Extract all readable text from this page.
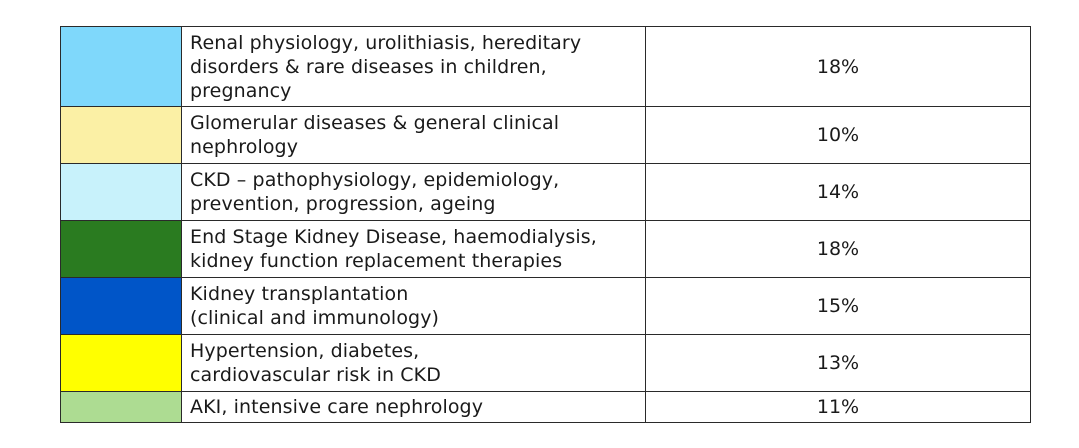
	Renal physiology, urolithiasis, hereditary
disorders & rare diseases in children,
pregnancy	18%

	Glomerular diseases & general clinical
nephrology	10%

	CKD – pathophysiology, epidemiology,
prevention, progression, ageing	14%

	End Stage Kidney Disease, haemodialysis,
kidney function replacement therapies	18%

	Kidney transplantation
(clinical and immunology)	15%

	Hypertension, diabetes,
cardiovascular risk in CKD	13%

	AKI, intensive care nephrology	11%
